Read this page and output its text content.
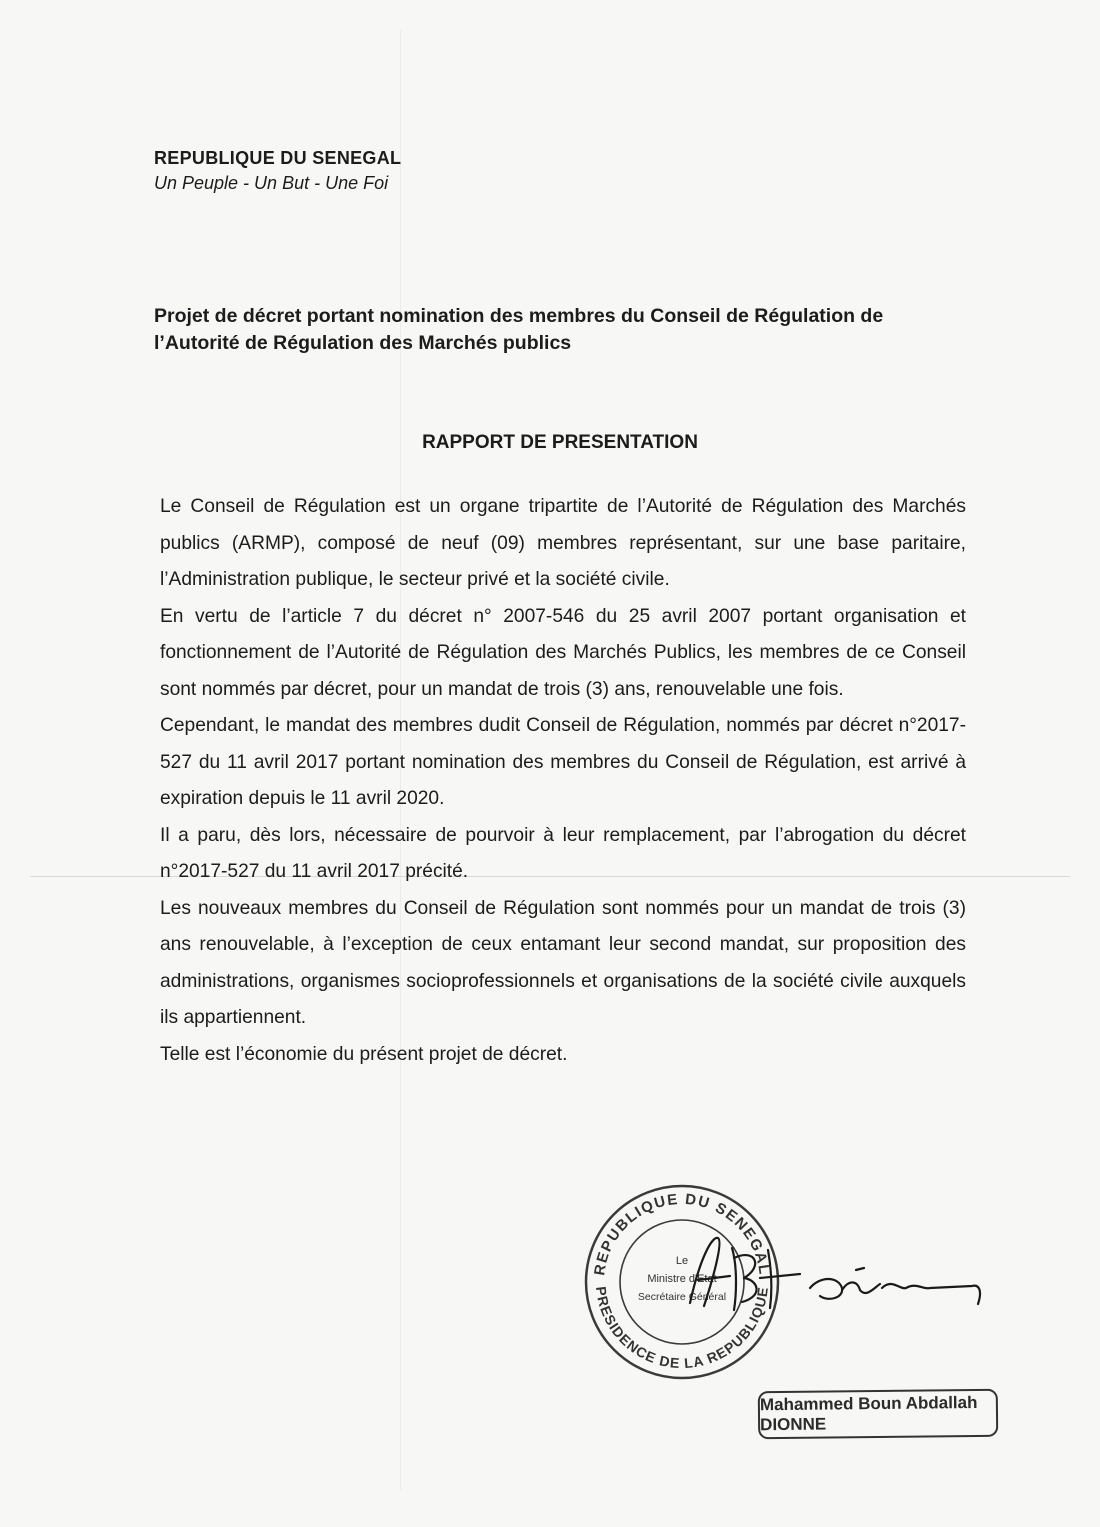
REPUBLIQUE DU SENEGAL

Un Peuple - Un But - Une Foi

Projet de décret portant nomination des membres du Conseil de Régulation de l’Autorité de Régulation des Marchés publics

RAPPORT DE PRESENTATION

Le Conseil de Régulation est un organe tripartite de l’Autorité de Régulation des Marchés publics (ARMP), composé de neuf (09) membres représentant, sur une base paritaire, l’Administration publique, le secteur privé et la société civile.

En vertu de l’article 7 du décret n° 2007-546 du 25 avril 2007 portant organisation et fonctionnement de l’Autorité de Régulation des Marchés Publics, les membres de ce Conseil sont nommés par décret, pour un mandat de trois (3) ans, renouvelable une fois.

Cependant, le mandat des membres dudit Conseil de Régulation, nommés par décret n°2017-527 du 11 avril 2017 portant nomination des membres du Conseil de Régulation, est arrivé à expiration depuis le 11 avril 2020.

Il a paru, dès lors, nécessaire de pourvoir à leur remplacement, par l’abrogation du décret n°2017-527 du 11 avril 2017 précité.

Les nouveaux membres du Conseil de Régulation sont nommés pour un mandat de trois (3) ans renouvelable, à l’exception de ceux entamant leur second mandat, sur proposition des administrations, organismes socioprofessionnels et organisations de la société civile auxquels ils appartiennent.

Telle est l’économie du présent projet de décret.

REPUBLIQUE DU SENEGAL
PRESIDENCE DE LA REPUBLIQUE
Le
Ministre d'Etat
Secrétaire Général
Mahammed Boun Abdallah DIONNE
